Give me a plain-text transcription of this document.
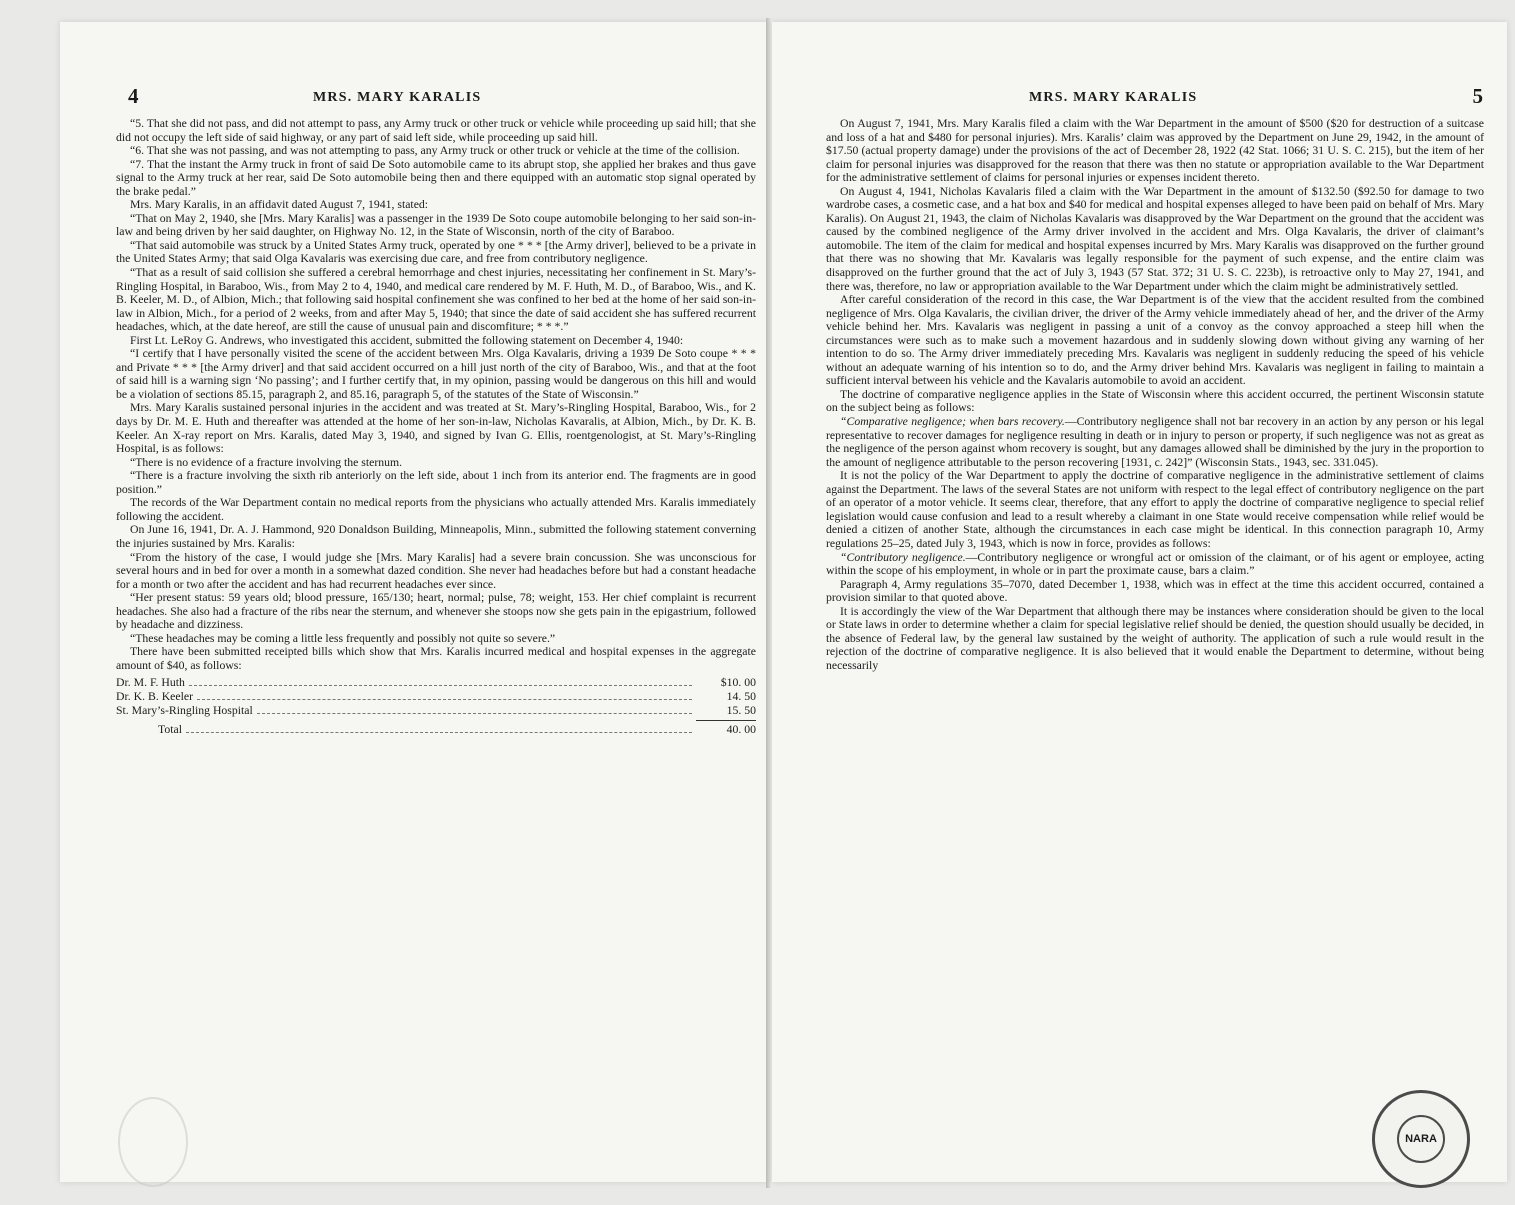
4	MRS. MARY KARALIS

“5. That she did not pass, and did not attempt to pass, any Army truck or other truck or vehicle while proceeding up said hill; that she did not occupy the left side of said highway, or any part of said left side, while proceeding up said hill.

“6. That she was not passing, and was not attempting to pass, any Army truck or other truck or vehicle at the time of the collision.

“7. That the instant the Army truck in front of said De Soto automobile came to its abrupt stop, she applied her brakes and thus gave signal to the Army truck at her rear, said De Soto automobile being then and there equipped with an automatic stop signal operated by the brake pedal.”

Mrs. Mary Karalis, in an affidavit dated August 7, 1941, stated:

“That on May 2, 1940, she [Mrs. Mary Karalis] was a passenger in the 1939 De Soto coupe automobile belonging to her said son-in-law and being driven by her said daughter, on Highway No. 12, in the State of Wisconsin, north of the city of Baraboo.

“That said automobile was struck by a United States Army truck, operated by one * * * [the Army driver], believed to be a private in the United States Army; that said Olga Kavalaris was exercising due care, and free from contributory negligence.

“That as a result of said collision she suffered a cerebral hemorrhage and chest injuries, necessitating her confinement in St. Mary’s-Ringling Hospital, in Baraboo, Wis., from May 2 to 4, 1940, and medical care rendered by M. F. Huth, M. D., of Baraboo, Wis., and K. B. Keeler, M. D., of Albion, Mich.; that following said hospital confinement she was confined to her bed at the home of her said son-in-law in Albion, Mich., for a period of 2 weeks, from and after May 5, 1940; that since the date of said accident she has suffered recurrent headaches, which, at the date hereof, are still the cause of unusual pain and discomfiture; * * *.”

First Lt. LeRoy G. Andrews, who investigated this accident, submitted the following statement on December 4, 1940:

“I certify that I have personally visited the scene of the accident between Mrs. Olga Kavalaris, driving a 1939 De Soto coupe * * * and Private * * * [the Army driver] and that said accident occurred on a hill just north of the city of Baraboo, Wis., and that at the foot of said hill is a warning sign ‘No passing’; and I further certify that, in my opinion, passing would be dangerous on this hill and would be a violation of sections 85.15, paragraph 2, and 85.16, paragraph 5, of the statutes of the State of Wisconsin.”

Mrs. Mary Karalis sustained personal injuries in the accident and was treated at St. Mary’s-Ringling Hospital, Baraboo, Wis., for 2 days by Dr. M. E. Huth and thereafter was attended at the home of her son-in-law, Nicholas Kavaralis, at Albion, Mich., by Dr. K. B. Keeler. An X-ray report on Mrs. Karalis, dated May 3, 1940, and signed by Ivan G. Ellis, roentgenologist, at St. Mary’s-Ringling Hospital, is as follows:

“There is no evidence of a fracture involving the sternum.

“There is a fracture involving the sixth rib anteriorly on the left side, about 1 inch from its anterior end. The fragments are in good position.”

The records of the War Department contain no medical reports from the physicians who actually attended Mrs. Karalis immediately following the accident.

On June 16, 1941, Dr. A. J. Hammond, 920 Donaldson Building, Minneapolis, Minn., submitted the following statement converning the injuries sustained by Mrs. Karalis:

“From the history of the case, I would judge she [Mrs. Mary Karalis] had a severe brain concussion. She was unconscious for several hours and in bed for over a month in a somewhat dazed condition. She never had headaches before but had a constant headache for a month or two after the accident and has had recurrent headaches ever since.

“Her present status: 59 years old; blood pressure, 165/130; heart, normal; pulse, 78; weight, 153. Her chief complaint is recurrent headaches. She also had a fracture of the ribs near the sternum, and whenever she stoops now she gets pain in the epigastrium, followed by headache and dizziness.

“These headaches may be coming a little less frequently and possibly not quite so severe.”

There have been submitted receipted bills which show that Mrs. Karalis incurred medical and hospital expenses in the aggregate amount of $40, as follows:

Dr. M. F. Huth	$10. 00
Dr. K. B. Keeler	14. 50
St. Mary’s-Ringling Hospital	15. 50
Total	40. 00
MRS. MARY KARALIS	5

On August 7, 1941, Mrs. Mary Karalis filed a claim with the War Department in the amount of $500 ($20 for destruction of a suitcase and loss of a hat and $480 for personal injuries). Mrs. Karalis’ claim was approved by the Department on June 29, 1942, in the amount of $17.50 (actual property damage) under the provisions of the act of December 28, 1922 (42 Stat. 1066; 31 U. S. C. 215), but the item of her claim for personal injuries was disapproved for the reason that there was then no statute or appropriation available to the War Department for the administrative settlement of claims for personal injuries or expenses incident thereto.

On August 4, 1941, Nicholas Kavalaris filed a claim with the War Department in the amount of $132.50 ($92.50 for damage to two wardrobe cases, a cosmetic case, and a hat box and $40 for medical and hospital expenses alleged to have been paid on behalf of Mrs. Mary Karalis). On August 21, 1943, the claim of Nicholas Kavalaris was disapproved by the War Department on the ground that the accident was caused by the combined negligence of the Army driver involved in the accident and Mrs. Olga Kavalaris, the driver of claimant’s automobile. The item of the claim for medical and hospital expenses incurred by Mrs. Mary Karalis was disapproved on the further ground that there was no showing that Mr. Kavalaris was legally responsible for the payment of such expense, and the entire claim was disapproved on the further ground that the act of July 3, 1943 (57 Stat. 372; 31 U. S. C. 223b), is retroactive only to May 27, 1941, and there was, therefore, no law or appropriation available to the War Department under which the claim might be administratively settled.

After careful consideration of the record in this case, the War Department is of the view that the accident resulted from the combined negligence of Mrs. Olga Kavalaris, the civilian driver, the driver of the Army vehicle immediately ahead of her, and the driver of the Army vehicle behind her. Mrs. Kavalaris was negligent in passing a unit of a convoy as the convoy approached a steep hill when the circumstances were such as to make such a movement hazardous and in suddenly slowing down without giving any warning of her intention to do so. The Army driver immediately preceding Mrs. Kavalaris was negligent in suddenly reducing the speed of his vehicle without an adequate warning of his intention so to do, and the Army driver behind Mrs. Kavalaris was negligent in failing to maintain a sufficient interval between his vehicle and the Kavalaris automobile to avoid an accident.

The doctrine of comparative negligence applies in the State of Wisconsin where this accident occurred, the pertinent Wisconsin statute on the subject being as follows:

“Comparative negligence; when bars recovery.—Contributory negligence shall not bar recovery in an action by any person or his legal representative to recover damages for negligence resulting in death or in injury to person or property, if such negligence was not as great as the negligence of the person against whom recovery is sought, but any damages allowed shall be diminished by the jury in the proportion to the amount of negligence attributable to the person recovering [1931, c. 242]” (Wisconsin Stats., 1943, sec. 331.045).

It is not the policy of the War Department to apply the doctrine of comparative negligence in the administrative settlement of claims against the Department. The laws of the several States are not uniform with respect to the legal effect of contributory negligence on the part of an operator of a motor vehicle. It seems clear, therefore, that any effort to apply the doctrine of comparative negligence to special relief legislation would cause confusion and lead to a result whereby a claimant in one State would receive compensation while relief would be denied a citizen of another State, although the circumstances in each case might be identical. In this connection paragraph 10, Army regulations 25–25, dated July 3, 1943, which is now in force, provides as follows:

“Contributory negligence.—Contributory negligence or wrongful act or omission of the claimant, or of his agent or employee, acting within the scope of his employment, in whole or in part the proximate cause, bars a claim.”

Paragraph 4, Army regulations 35–7070, dated December 1, 1938, which was in effect at the time this accident occurred, contained a provision similar to that quoted above.

It is accordingly the view of the War Department that although there may be instances where consideration should be given to the local or State laws in order to determine whether a claim for special legislative relief should be denied, the question should usually be decided, in the absence of Federal law, by the general law sustained by the weight of authority. The application of such a rule would result in the rejection of the doctrine of comparative negligence. It is also believed that it would enable the Department to determine, without being necessarily

NARA
